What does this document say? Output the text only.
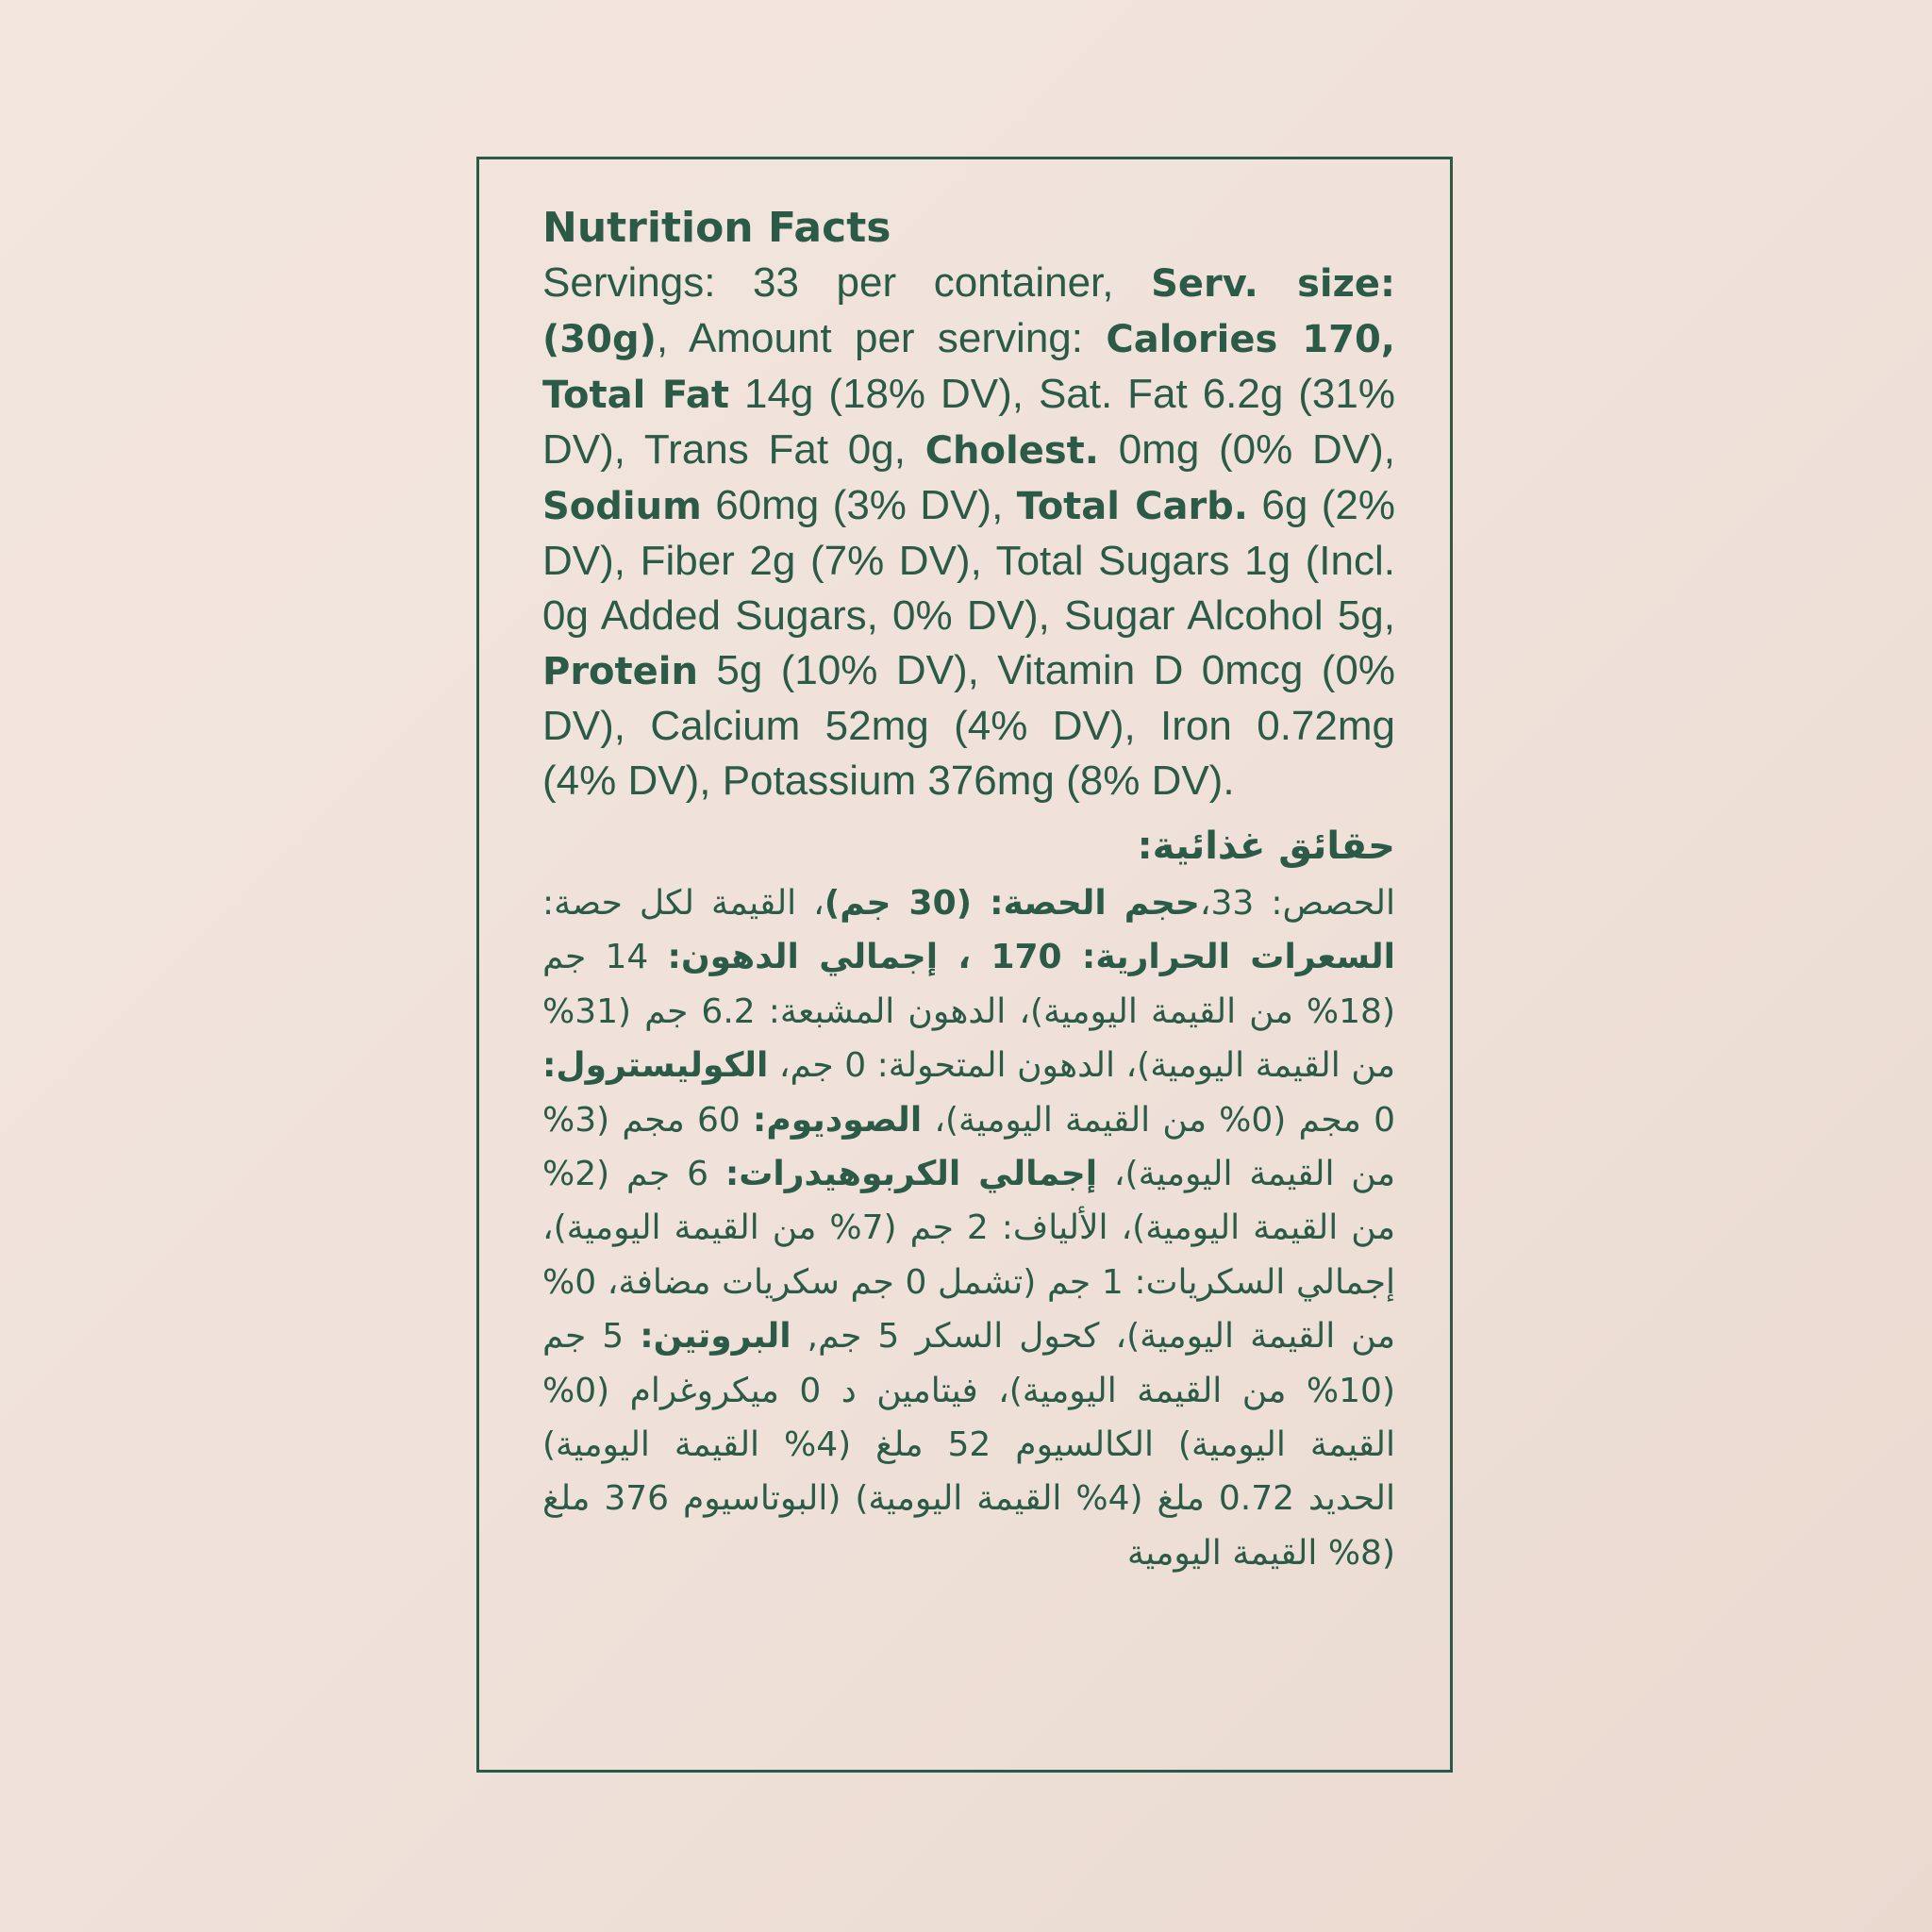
Nutrition Facts

Servings: 33 per container, Serv. size: (30g), Amount per serving: Calories 170, Total Fat 14g (18% DV), Sat. Fat 6.2g (31% DV), Trans Fat 0g, Cholest. 0mg (0% DV), Sodium 60mg (3% DV), Total Carb. 6g (2% DV), Fiber 2g (7% DV), Total Sugars 1g (Incl. 0g Added Sugars, 0% DV), Sugar Alcohol 5g, Protein 5g (10% DV), Vitamin D 0mcg (0% DV), Calcium 52mg (4% DV), Iron 0.72mg (4% DV), Potassium 376mg (8% DV).

حقائق غذائية:

الحصص: 33،حجم الحصة: (30 جم)، القيمة لكل حصة: السعرات الحرارية: 170 ، إجمالي الدهون: 14 جم (18% من القيمة اليومية)، الدهون المشبعة: 6.2 جم (31% من القيمة اليومية)، الدهون المتحولة: 0 جم، الكوليسترول: 0 مجم (0% من القيمة اليومية)، الصوديوم: 60 مجم (3% من القيمة اليومية)، إجمالي الكربوهيدرات: 6 جم (2% من القيمة اليومية)، الألياف: 2 جم (7% من القيمة اليومية)، إجمالي السكريات: 1 جم (تشمل 0 جم سكريات مضافة، 0% من القيمة اليومية)، كحول السكر 5 جم, البروتين: 5 جم (10% من القيمة اليومية)، فيتامين د 0 ميكروغرام (0% القيمة اليومية) الكالسيوم 52 ملغ (4% القيمة اليومية) الحديد 0.72 ملغ (4% القيمة اليومية) (البوتاسيوم 376 ملغ (8% القيمة اليومية
